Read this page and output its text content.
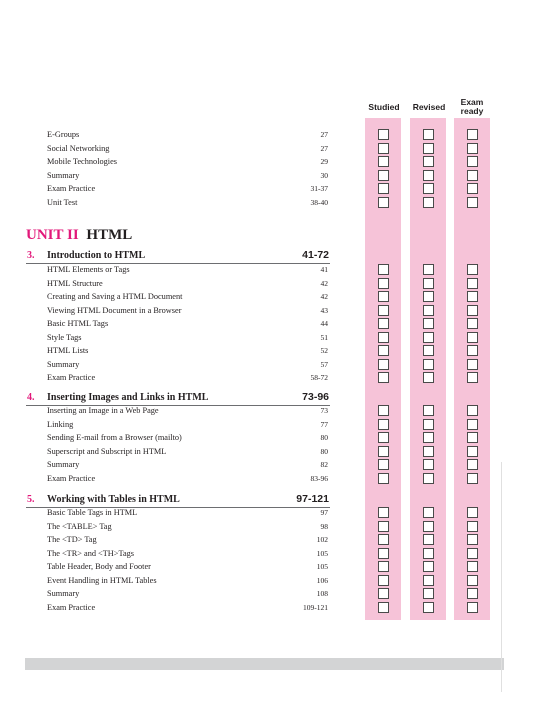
Studied	Revised	Exam
ready
E-Groups	27
Social Networking	27
Mobile Technologies	29
Summary	30
Exam Practice	31-37
Unit Test	38-40
3. Introduction to HTML	41-72
HTML Elements or Tags	41
HTML Structure	42
Creating and Saving a HTML Document	42
Viewing HTML Document in a Browser	43
Basic HTML Tags	44
Style Tags	51
HTML Lists	52
Summary	57
Exam Practice	58-72
4. Inserting Images and Links in HTML	73-96
Inserting an Image in a Web Page	73
Linking	77
Sending E-mail from a Browser (mailto)	80
Superscript and Subscript in HTML	80
Summary	82
Exam Practice	83-96
5. Working with Tables in HTML	97-121
Basic Table Tags in HTML	97
The <TABLE> Tag	98
The <TD> Tag	102
The <TR> and <TH>Tags	105
Table Header, Body and Footer	105
Event Handling in HTML Tables	106
Summary	108
Exam Practice	109-121
UNIT II HTML
